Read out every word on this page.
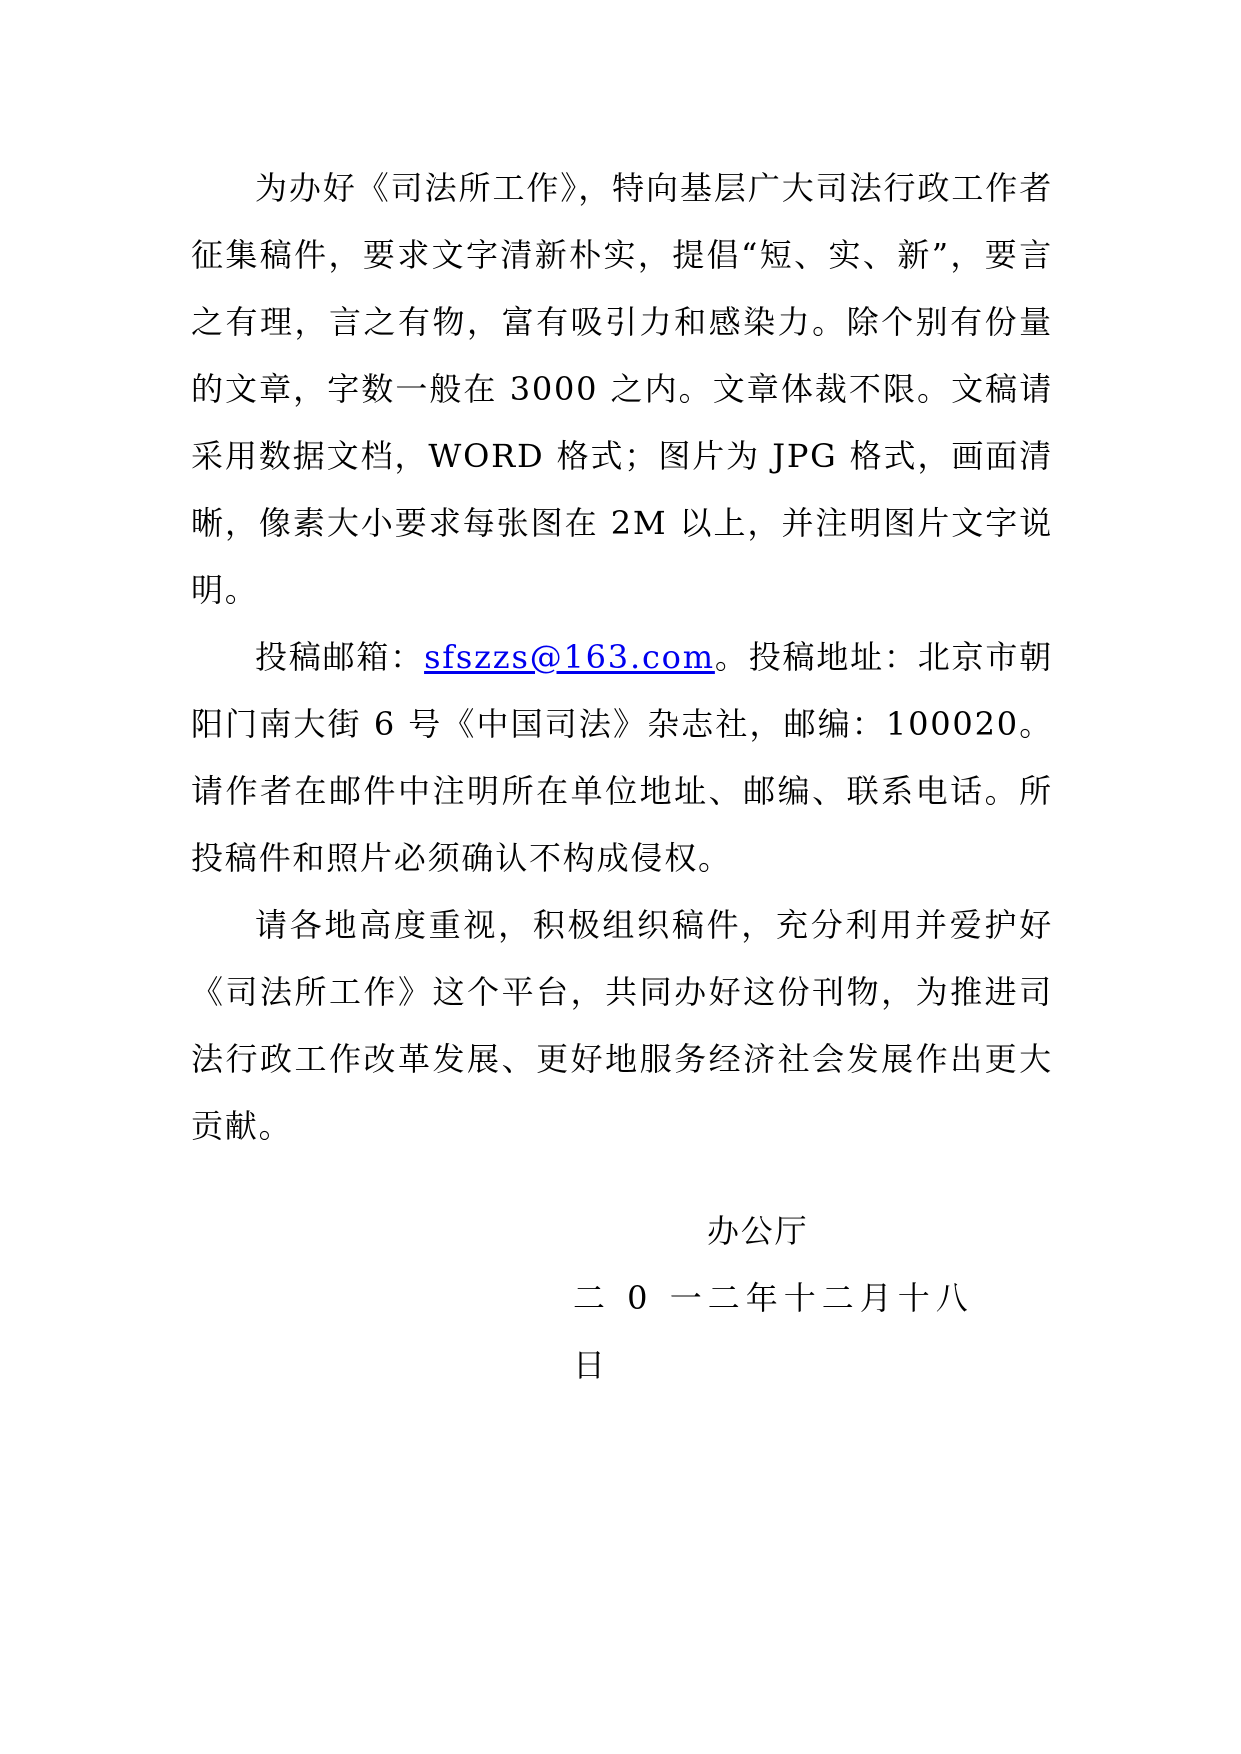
为办好《司法所工作》，特向基层广大司法行政工作者征集稿件，要求文字清新朴实，提倡“短、实、新”，要言之有理，言之有物，富有吸引力和感染力。除个别有份量的文章，字数一般在 3000 之内。文章体裁不限。文稿请采用数据文档，WORD 格式；图片为 JPG 格式，画面清晰，像素大小要求每张图在 2M 以上，并注明图片文字说明。

投稿邮箱：sfszzs@163.com。投稿地址：北京市朝阳门南大街 6 号《中国司法》杂志社，邮编：100020。请作者在邮件中注明所在单位地址、邮编、联系电话。所投稿件和照片必须确认不构成侵权。

请各地高度重视，积极组织稿件，充分利用并爱护好《司法所工作》这个平台，共同办好这份刊物，为推进司法行政工作改革发展、更好地服务经济社会发展作出更大贡献。

办公厅
二 0 一二年十二月十八日
